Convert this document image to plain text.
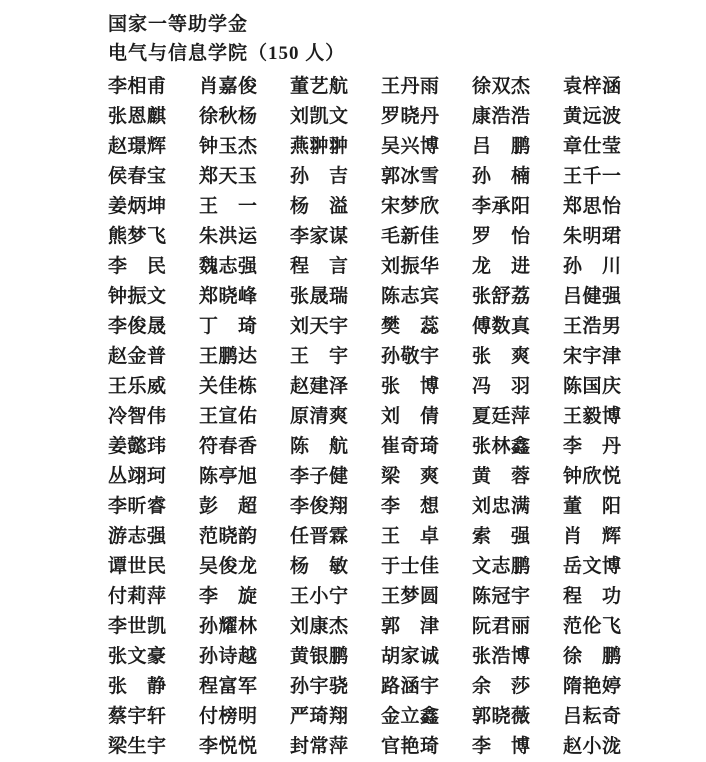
国家一等助学金
电气与信息学院（150 人）
李相甫 肖嘉俊 董艺航 王丹雨 徐双杰 袁梓涵
张恩麒 徐秋杨 刘凯文 罗晓丹 康浩浩 黄远波
赵璟辉 钟玉杰 燕翀翀 吴兴博 吕　鹏 章仕莹
侯春宝 郑天玉 孙　吉 郭冰雪 孙　楠 王千一
姜炳坤 王　一 杨　溢 宋梦欣 李承阳 郑思怡
熊梦飞 朱洪运 李家谋 毛新佳 罗　怡 朱明珺
李　民 魏志强 程　言 刘振华 龙　进 孙　川
钟振文 郑晓峰 张晟瑞 陈志宾 张舒荔 吕健强
李俊晟 丁　琦 刘天宇 樊　蕊 傅数真 王浩男
赵金普 王鹏达 王　宇 孙敬宇 张　爽 宋宇津
王乐威 关佳栋 赵建泽 张　博 冯　羽 陈国庆
冷智伟 王宣佑 原清爽 刘　倩 夏廷萍 王毅博
姜懿玮 符春香 陈　航 崔奇琦 张林鑫 李　丹
丛翊珂 陈亭旭 李子健 梁　爽 黄　蓉 钟欣悦
李昕睿 彭　超 李俊翔 李　想 刘忠满 董　阳
游志强 范晓韵 任晋霖 王　卓 索　强 肖　辉
谭世民 吴俊龙 杨　敏 于士佳 文志鹏 岳文博
付莉萍 李　旋 王小宁 王梦圆 陈冠宇 程　功
李世凯 孙耀林 刘康杰 郭　津 阮君丽 范伦飞
张文豪 孙诗越 黄银鹏 胡家诚 张浩博 徐　鹏
张　静 程富军 孙宇骁 路涵宇 余　莎 隋艳婷
蔡宇轩 付榜明 严琦翔 金立鑫 郭晓薇 吕耘奇
梁生宇 李悦悦 封常萍 官艳琦 李　博 赵小泷
